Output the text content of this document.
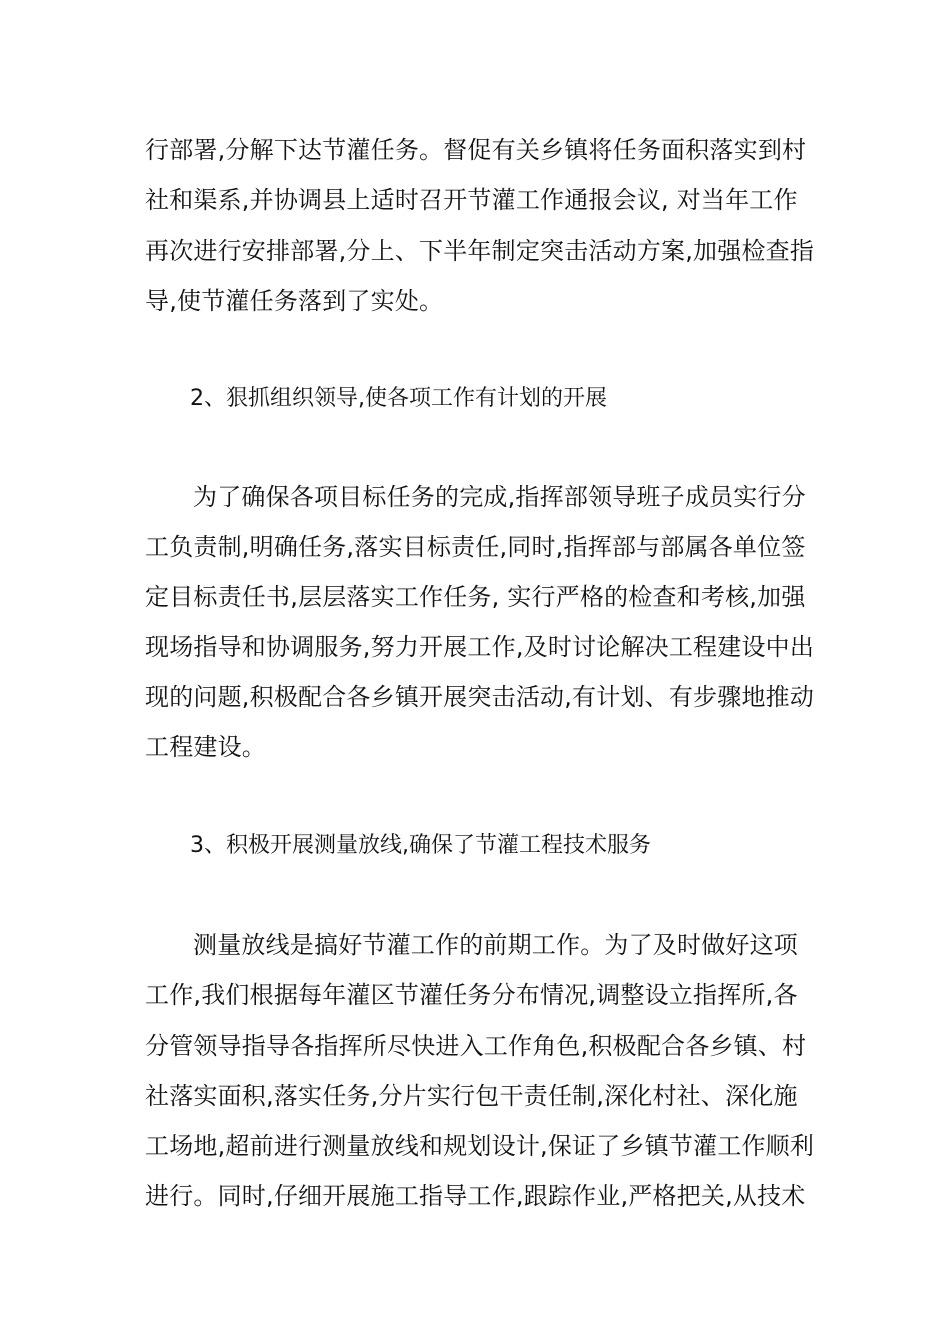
行部署,分解下达节灌任务。督促有关乡镇将任务面积落实到村
社和渠系,并协调县上适时召开节灌工作通报会议, 对当年工作
再次进行安排部署,分上、下半年制定突击活动方案,加强检查指
导,使节灌任务落到了实处。
2、狠抓组织领导,使各项工作有计划的开展
为了确保各项目标任务的完成,指挥部领导班子成员实行分
工负责制,明确任务,落实目标责任,同时,指挥部与部属各单位签
定目标责任书,层层落实工作任务, 实行严格的检查和考核,加强
现场指导和协调服务,努力开展工作,及时讨论解决工程建设中出
现的问题,积极配合各乡镇开展突击活动,有计划、有步骤地推动
工程建设。
3、积极开展测量放线,确保了节灌工程技术服务
测量放线是搞好节灌工作的前期工作。为了及时做好这项
工作,我们根据每年灌区节灌任务分布情况,调整设立指挥所,各
分管领导指导各指挥所尽快进入工作角色,积极配合各乡镇、村
社落实面积,落实任务,分片实行包干责任制,深化村社、深化施
工场地,超前进行测量放线和规划设计,保证了乡镇节灌工作顺利
进行。同时,仔细开展施工指导工作,跟踪作业,严格把关,从技术
